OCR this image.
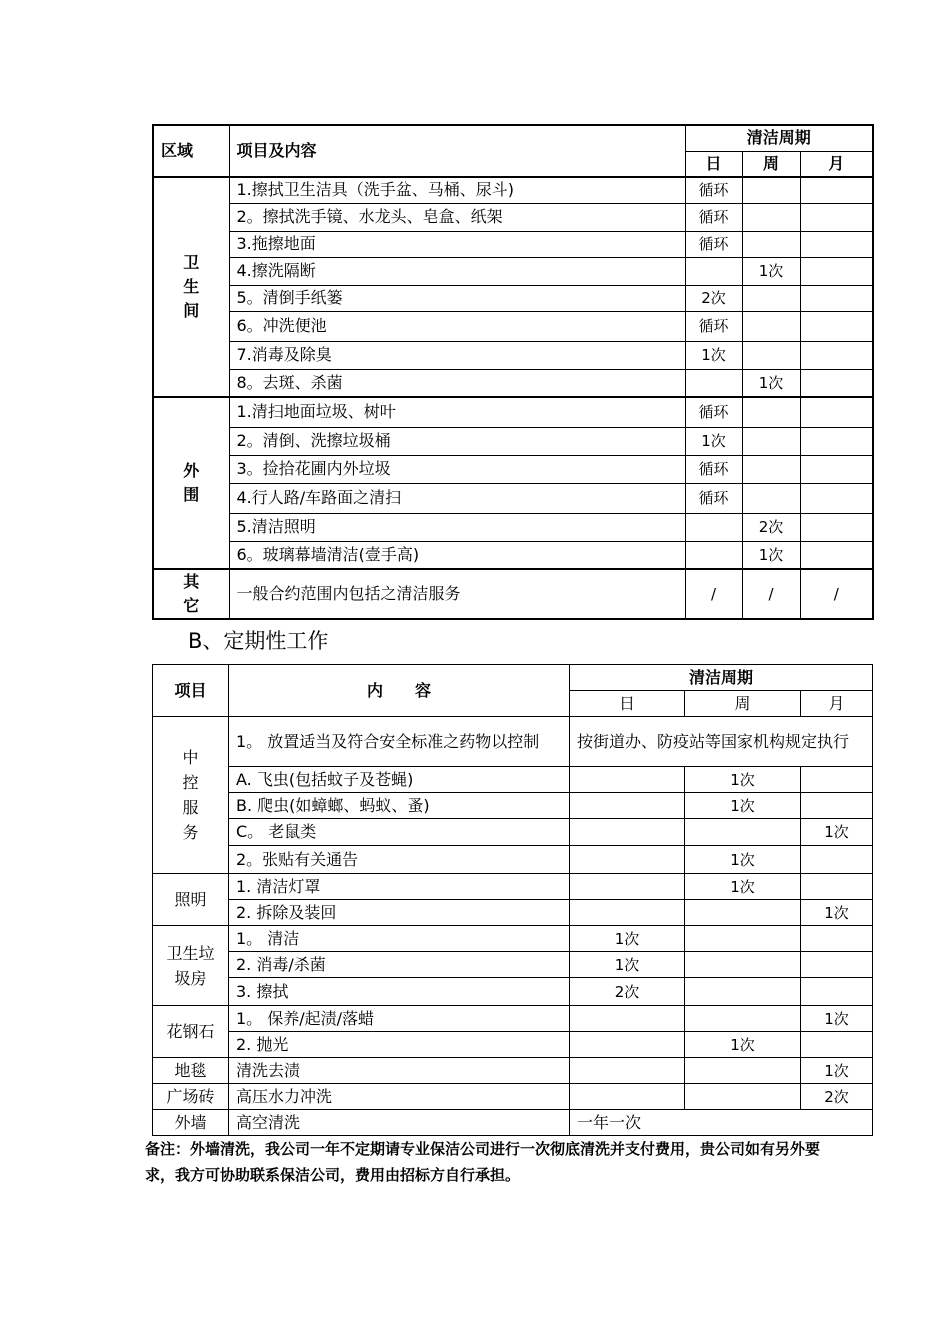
区域	项目及内容	清洁周期		
		日	周	月
卫生间	1.擦拭卫生洁具（洗手盆、马桶、尿斗)	循环		
	2。擦拭洗手镜、水龙头、皂盒、纸架	循环		
	3.拖擦地面	循环		
	4.擦洗隔断		1次	
	5。清倒手纸篓	2次		
	6。冲洗便池	循环		
	7.消毒及除臭	1次		
	8。去斑、杀菌		1次	
外围	1.清扫地面垃圾、树叶	循环		
	2。清倒、洗擦垃圾桶	1次		
	3。捡拾花圃内外垃圾	循环		
	4.行人路/车路面之清扫	循环		
	5.清洁照明		2次	
	6。玻璃幕墙清洁(壹手高)		1次	
其它	一般合约范围内包括之清洁服务	/	/	/
B、定期性工作
项目	内　　容	清洁周期		
		日	周	月
中控服务	1。 放置适当及符合安全标准之药物以控制	按街道办、防疫站等国家机构规定执行		
	A. 飞虫(包括蚊子及苍蝇)		1次	
	B. 爬虫(如蟑螂、蚂蚁、蚤)		1次	
	C。 老鼠类			1次
	2。张贴有关通告		1次	
照明	1. 清洁灯罩		1次	
	2. 拆除及装回			1次
卫生垃圾房	1。 清洁	1次		
	2. 消毒/杀菌	1次		
	3. 擦拭	2次		
花钢石	1。 保养/起渍/落蜡			1次
	2. 抛光		1次	
地毯	清洗去渍			1次
广场砖	高压水力冲洗			2次
外墙	高空清洗	一年一次		
备注：外墙清洗，我公司一年不定期请专业保洁公司进行一次彻底清洗并支付费用，贵公司如有另外要求，我方可协助联系保洁公司，费用由招标方自行承担。
